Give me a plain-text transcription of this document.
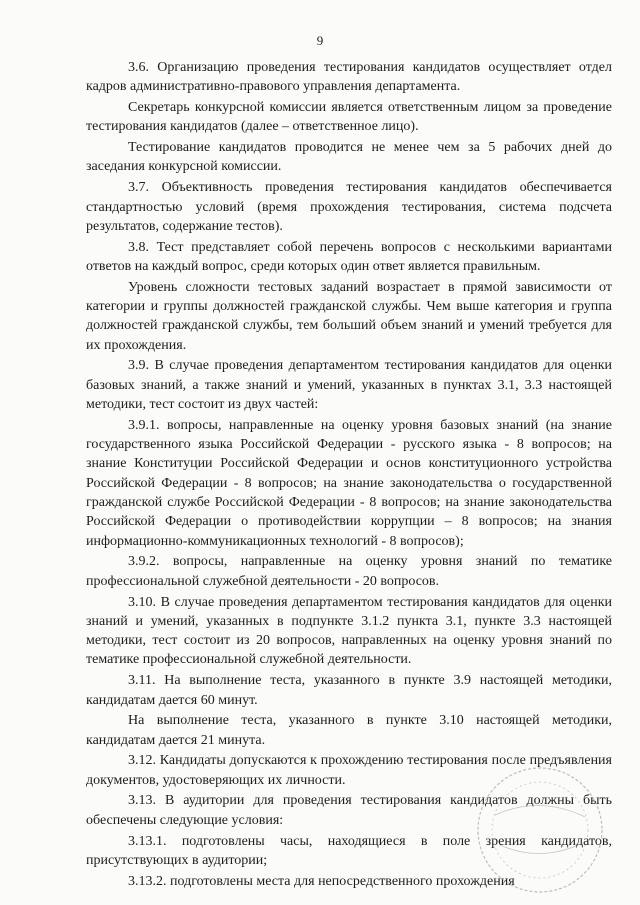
9

3.6. Организацию проведения тестирования кандидатов осуществляет отдел кадров административно-правового управления департамента.

Секретарь конкурсной комиссии является ответственным лицом за проведение тестирования кандидатов (далее – ответственное лицо).

Тестирование кандидатов проводится не менее чем за 5 рабочих дней до заседания конкурсной комиссии.

3.7. Объективность проведения тестирования кандидатов обеспечивается стандартностью условий (время прохождения тестирования, система подсчета результатов, содержание тестов).

3.8. Тест представляет собой перечень вопросов с несколькими вариантами ответов на каждый вопрос, среди которых один ответ является правильным.

Уровень сложности тестовых заданий возрастает в прямой зависимости от категории и группы должностей гражданской службы. Чем выше категория и группа должностей гражданской службы, тем больший объем знаний и умений требуется для их прохождения.

3.9. В случае проведения департаментом тестирования кандидатов для оценки базовых знаний, а также знаний и умений, указанных в пунктах 3.1, 3.3 настоящей методики, тест состоит из двух частей:

3.9.1. вопросы, направленные на оценку уровня базовых знаний (на знание государственного языка Российской Федерации - русского языка - 8 вопросов; на знание Конституции Российской Федерации и основ конституционного устройства Российской Федерации - 8 вопросов; на знание законодательства о государственной гражданской службе Российской Федерации - 8 вопросов; на знание законодательства Российской Федерации о противодействии коррупции – 8 вопросов; на знания информационно-коммуникационных технологий - 8 вопросов);

3.9.2. вопросы, направленные на оценку уровня знаний по тематике профессиональной служебной деятельности - 20 вопросов.

3.10. В случае проведения департаментом тестирования кандидатов для оценки знаний и умений, указанных в подпункте 3.1.2 пункта 3.1, пункте 3.3 настоящей методики, тест состоит из 20 вопросов, направленных на оценку уровня знаний по тематике профессиональной служебной деятельности.

3.11. На выполнение теста, указанного в пункте 3.9 настоящей методики, кандидатам дается 60 минут.

На выполнение теста, указанного в пункте 3.10 настоящей методики, кандидатам дается 21 минута.

3.12. Кандидаты допускаются к прохождению тестирования после предъявления документов, удостоверяющих их личности.

3.13. В аудитории для проведения тестирования кандидатов должны быть обеспечены следующие условия:

3.13.1. подготовлены часы, находящиеся в поле зрения кандидатов, присутствующих в аудитории;

3.13.2. подготовлены места для непосредственного прохождения
